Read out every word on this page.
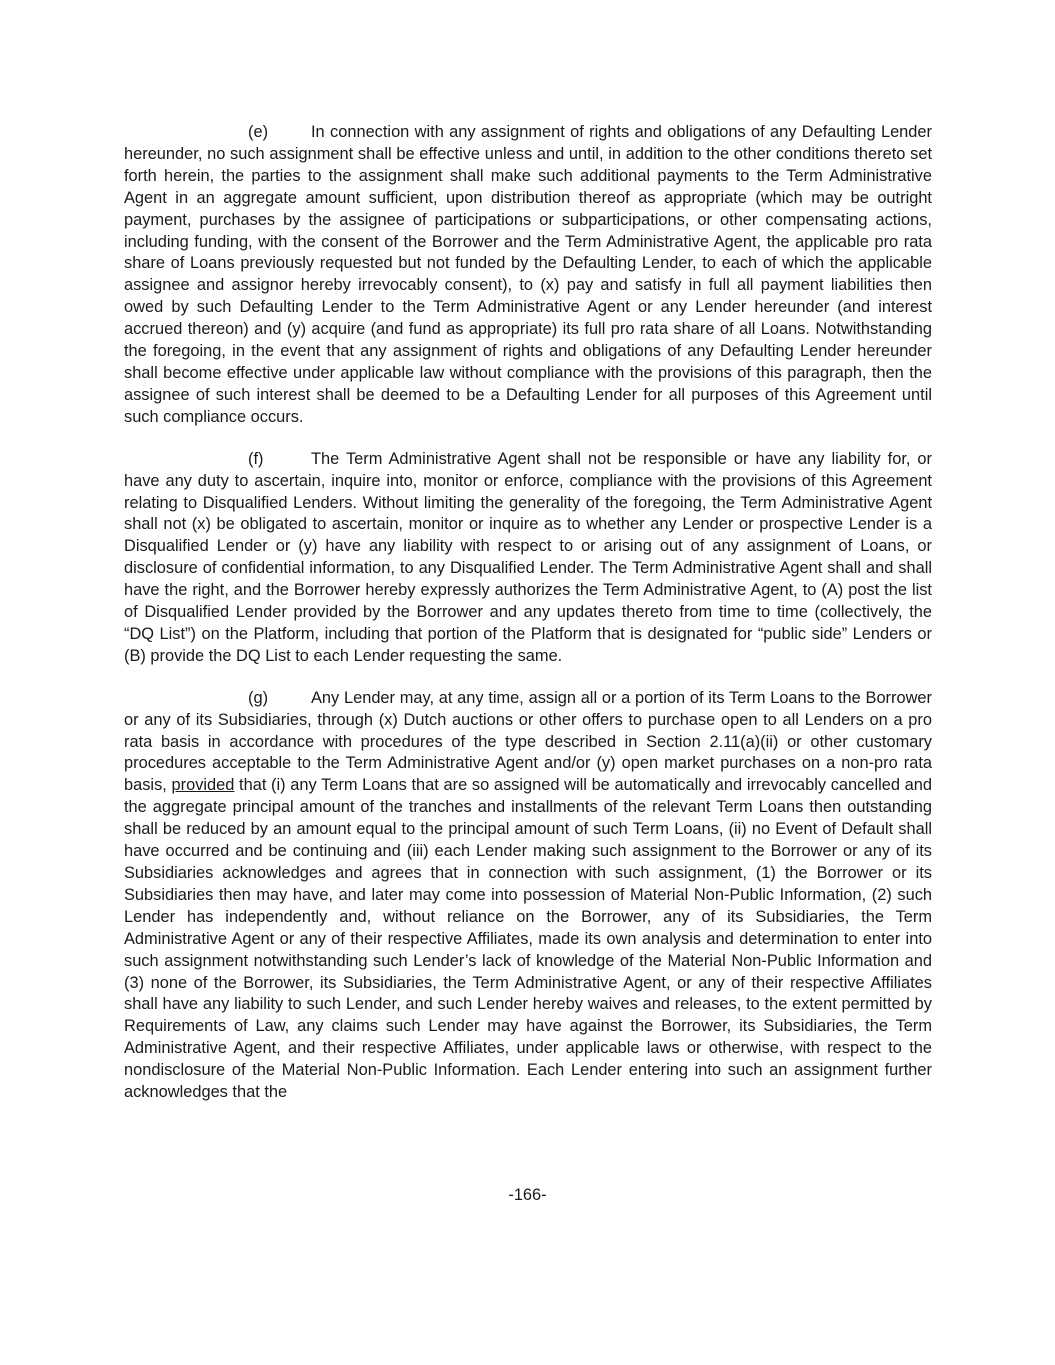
(e)	In connection with any assignment of rights and obligations of any Defaulting Lender hereunder, no such assignment shall be effective unless and until, in addition to the other conditions thereto set forth herein, the parties to the assignment shall make such additional payments to the Term Administrative Agent in an aggregate amount sufficient, upon distribution thereof as appropriate (which may be outright payment, purchases by the assignee of participations or subparticipations, or other compensating actions, including funding, with the consent of the Borrower and the Term Administrative Agent, the applicable pro rata share of Loans previously requested but not funded by the Defaulting Lender, to each of which the applicable assignee and assignor hereby irrevocably consent), to (x) pay and satisfy in full all payment liabilities then owed by such Defaulting Lender to the Term Administrative Agent or any Lender hereunder (and interest accrued thereon) and (y) acquire (and fund as appropriate) its full pro rata share of all Loans. Notwithstanding the foregoing, in the event that any assignment of rights and obligations of any Defaulting Lender hereunder shall become effective under applicable law without compliance with the provisions of this paragraph, then the assignee of such interest shall be deemed to be a Defaulting Lender for all purposes of this Agreement until such compliance occurs.

(f)	The Term Administrative Agent shall not be responsible or have any liability for, or have any duty to ascertain, inquire into, monitor or enforce, compliance with the provisions of this Agreement relating to Disqualified Lenders. Without limiting the generality of the foregoing, the Term Administrative Agent shall not (x) be obligated to ascertain, monitor or inquire as to whether any Lender or prospective Lender is a Disqualified Lender or (y) have any liability with respect to or arising out of any assignment of Loans, or disclosure of confidential information, to any Disqualified Lender. The Term Administrative Agent shall and shall have the right, and the Borrower hereby expressly authorizes the Term Administrative Agent, to (A) post the list of Disqualified Lender provided by the Borrower and any updates thereto from time to time (collectively, the “DQ List”) on the Platform, including that portion of the Platform that is designated for “public side” Lenders or (B) provide the DQ List to each Lender requesting the same.

(g)	Any Lender may, at any time, assign all or a portion of its Term Loans to the Borrower or any of its Subsidiaries, through (x) Dutch auctions or other offers to purchase open to all Lenders on a pro rata basis in accordance with procedures of the type described in Section 2.11(a)(ii) or other customary procedures acceptable to the Term Administrative Agent and/or (y) open market purchases on a non-pro rata basis, provided that (i) any Term Loans that are so assigned will be automatically and irrevocably cancelled and the aggregate principal amount of the tranches and installments of the relevant Term Loans then outstanding shall be reduced by an amount equal to the principal amount of such Term Loans, (ii) no Event of Default shall have occurred and be continuing and (iii) each Lender making such assignment to the Borrower or any of its Subsidiaries acknowledges and agrees that in connection with such assignment, (1) the Borrower or its Subsidiaries then may have, and later may come into possession of Material Non-Public Information, (2) such Lender has independently and, without reliance on the Borrower, any of its Subsidiaries, the Term Administrative Agent or any of their respective Affiliates, made its own analysis and determination to enter into such assignment notwithstanding such Lender’s lack of knowledge of the Material Non-Public Information and (3) none of the Borrower, its Subsidiaries, the Term Administrative Agent, or any of their respective Affiliates shall have any liability to such Lender, and such Lender hereby waives and releases, to the extent permitted by Requirements of Law, any claims such Lender may have against the Borrower, its Subsidiaries, the Term Administrative Agent, and their respective Affiliates, under applicable laws or otherwise, with respect to the nondisclosure of the Material Non-Public Information. Each Lender entering into such an assignment further acknowledges that the

-166-
